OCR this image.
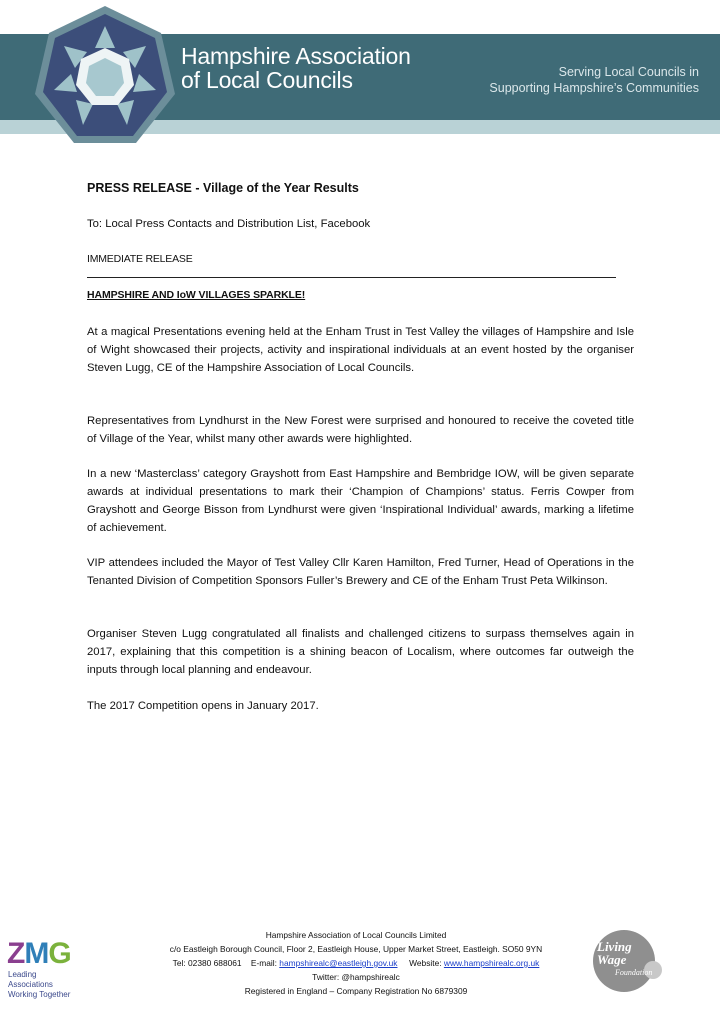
Hampshire Association
of Local Councils	Serving Local Councils in
Supporting Hampshire’s Communities
PRESS RELEASE - Village of the Year Results
To: Local Press Contacts and Distribution List, Facebook
IMMEDIATE RELEASE
HAMPSHIRE AND IoW VILLAGES SPARKLE!

At a magical Presentations evening held at the Enham Trust in Test Valley the villages of Hampshire and Isle of Wight showcased their projects, activity and inspirational individuals at an event hosted by the organiser Steven Lugg, CE of the Hampshire Association of Local Councils.

Representatives from Lyndhurst in the New Forest were surprised and honoured to receive the coveted title of Village of the Year, whilst many other awards were highlighted.

In a new ‘Masterclass’ category Grayshott from East Hampshire and Bembridge IOW, will be given separate awards at individual presentations to mark their ‘Champion of Champions’ status. Ferris Cowper from Grayshott and George Bisson from Lyndhurst were given ‘Inspirational Individual’ awards, marking a lifetime of achievement.

VIP attendees included the Mayor of Test Valley Cllr Karen Hamilton, Fred Turner, Head of Operations in the Tenanted Division of Competition Sponsors Fuller’s Brewery and CE of the Enham Trust Peta Wilkinson.

Organiser Steven Lugg congratulated all finalists and challenged citizens to surpass themselves again in 2017, explaining that this competition is a shining beacon of Localism, where outcomes far outweigh the inputs through local planning and endeavour.

The 2017 Competition opens in January 2017.

Hampshire Association of Local Councils Limited
c/o Eastleigh Borough Council, Floor 2, Eastleigh House, Upper Market Street, Eastleigh. SO50 9YN
Tel: 02380 688061 E-mail: hampshirealc@eastleigh.gov.uk Website: www.hampshirealc.org.uk
Twitter: @hampshirealc
Registered in England – Company Registration No 6879309
ZMG
Leading Associations
Working Together
Living
Wage
Foundation
